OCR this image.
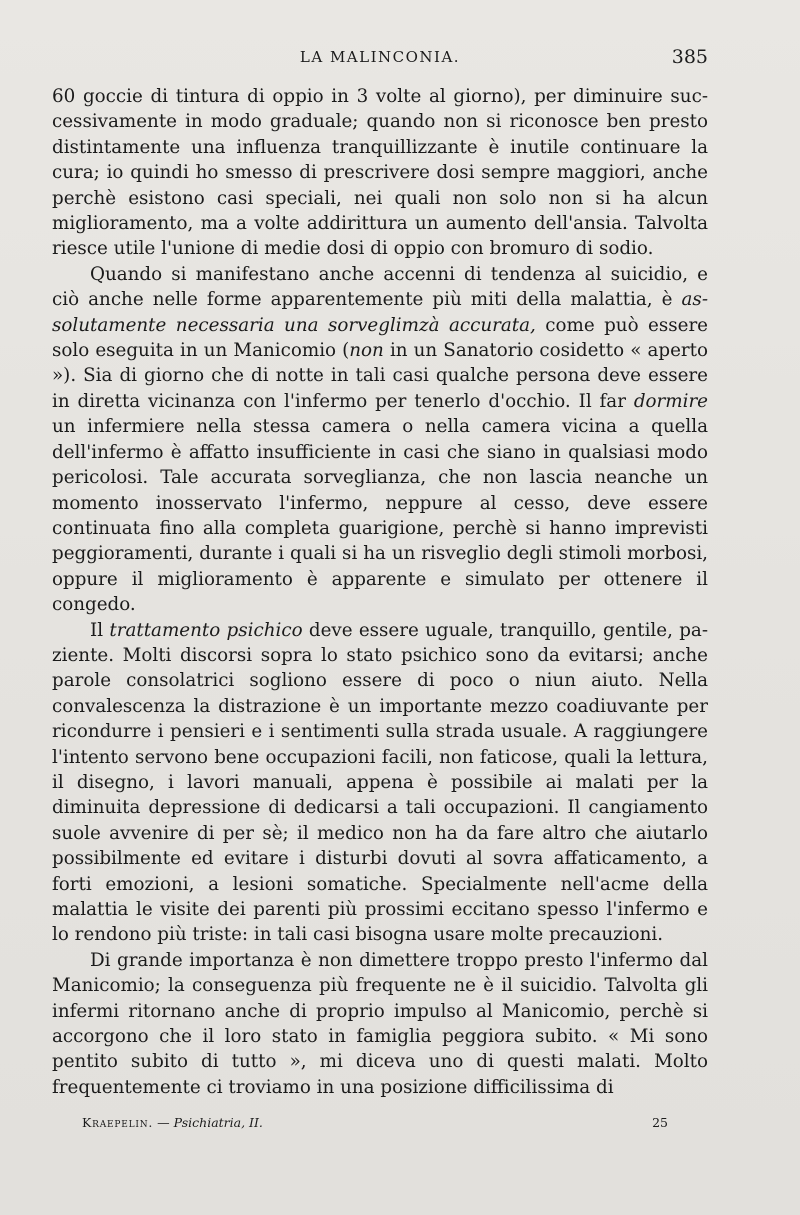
LA MALINCONIA.	385

60 goccie di tintura di oppio in 3 volte al giorno), per diminuire successivamente in modo graduale; quando non si riconosce ben presto distintamente una influenza tranquillizzante è inutile continuare la cura; io quindi ho smesso di prescrivere dosi sempre maggiori, anche perchè esistono casi speciali, nei quali non solo non si ha alcun miglioramento, ma a volte addirittura un aumento dell'ansia. Talvolta riesce utile l'unione di medie dosi di oppio con bromuro di sodio.

Quando si manifestano anche accenni di tendenza al suicidio, e ciò anche nelle forme apparentemente più miti della malattia, è assolutamente necessaria una sorveglimzà accurata, come può essere solo eseguita in un Manicomio (non in un Sanatorio cosidetto « aperto »). Sia di giorno che di notte in tali casi qualche persona deve essere in diretta vicinanza con l'infermo per tenerlo d'occhio. Il far dormire un infermiere nella stessa camera o nella camera vicina a quella dell'infermo è affatto insufficiente in casi che siano in qualsiasi modo pericolosi. Tale accurata sorveglianza, che non lascia neanche un momento inosservato l'infermo, neppure al cesso, deve essere continuata fino alla completa guarigione, perchè si hanno imprevisti peggioramenti, durante i quali si ha un risveglio degli stimoli morbosi, oppure il miglioramento è apparente e simulato per ottenere il congedo.

Il trattamento psichico deve essere uguale, tranquillo, gentile, paziente. Molti discorsi sopra lo stato psichico sono da evitarsi; anche parole consolatrici sogliono essere di poco o niun aiuto. Nella convalescenza la distrazione è un importante mezzo coadiuvante per ricondurre i pensieri e i sentimenti sulla strada usuale. A raggiungere l'intento servono bene occupazioni facili, non faticose, quali la lettura, il disegno, i lavori manuali, appena è possibile ai malati per la diminuita depressione di dedicarsi a tali occupazioni. Il cangiamento suole avvenire di per sè; il medico non ha da fare altro che aiutarlo possibilmente ed evitare i disturbi dovuti al sovra affaticamento, a forti emozioni, a lesioni somatiche. Specialmente nell'acme della malattia le visite dei parenti più prossimi eccitano spesso l'infermo e lo rendono più triste: in tali casi bisogna usare molte precauzioni.

Di grande importanza è non dimettere troppo presto l'infermo dal Manicomio; la conseguenza più frequente ne è il suicidio. Talvolta gli infermi ritornano anche di proprio impulso al Manicomio, perchè si accorgono che il loro stato in famiglia peggiora subito. « Mi sono pentito subito di tutto », mi diceva uno di questi malati. Molto frequentemente ci troviamo in una posizione difficilissima di

Kraepelin. — Psichiatria, II.	25
